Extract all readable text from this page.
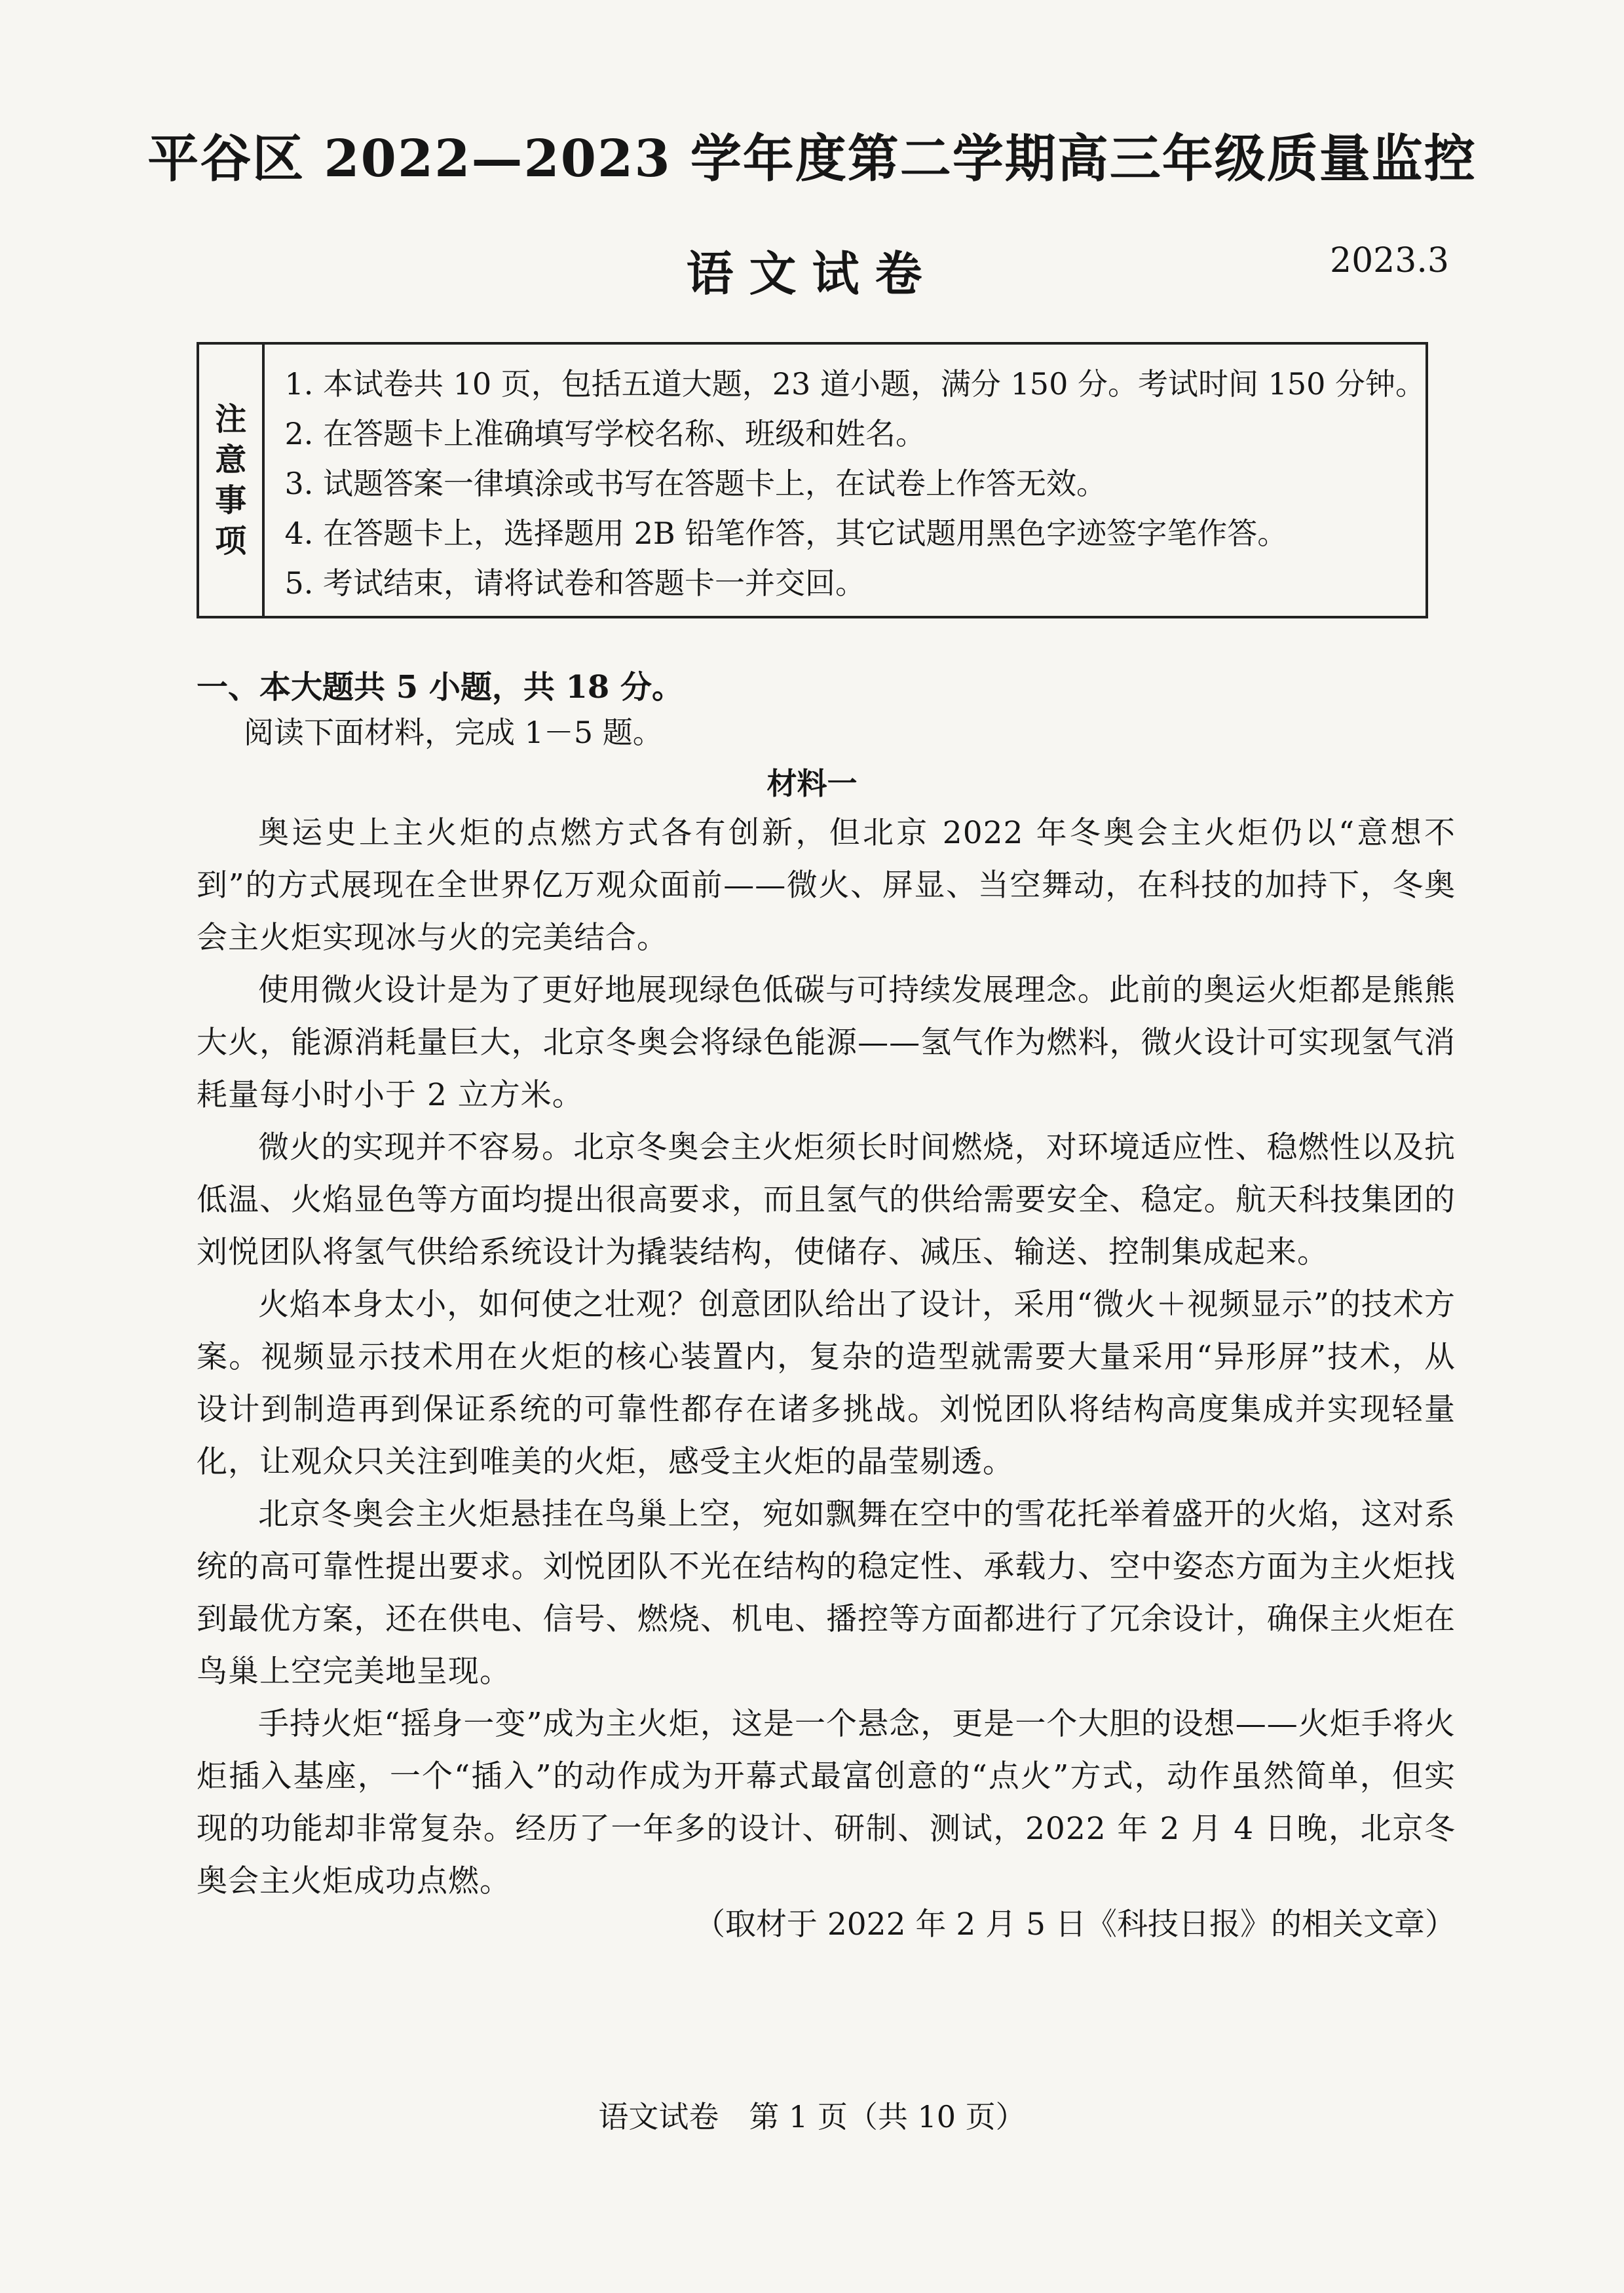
平谷区 2022—2023 学年度第二学期高三年级质量监控
语文试卷	2023.3
注
意
事
项
1. 本试卷共 10 页，包括五道大题，23 道小题，满分 150 分。考试时间 150 分钟。
2. 在答题卡上准确填写学校名称、班级和姓名。
3. 试题答案一律填涂或书写在答题卡上，在试卷上作答无效。
4. 在答题卡上，选择题用 2B 铅笔作答，其它试题用黑色字迹签字笔作答。
5. 考试结束，请将试卷和答题卡一并交回。
一、本大题共 5 小题，共 18 分。
阅读下面材料，完成 1－5 题。
材料一

奥运史上主火炬的点燃方式各有创新，但北京 2022 年冬奥会主火炬仍以“意想不到”的方式展现在全世界亿万观众面前——微火、屏显、当空舞动，在科技的加持下，冬奥会主火炬实现冰与火的完美结合。

使用微火设计是为了更好地展现绿色低碳与可持续发展理念。此前的奥运火炬都是熊熊大火，能源消耗量巨大，北京冬奥会将绿色能源——氢气作为燃料，微火设计可实现氢气消耗量每小时小于 2 立方米。

微火的实现并不容易。北京冬奥会主火炬须长时间燃烧，对环境适应性、稳燃性以及抗低温、火焰显色等方面均提出很高要求，而且氢气的供给需要安全、稳定。航天科技集团的刘悦团队将氢气供给系统设计为撬装结构，使储存、减压、输送、控制集成起来。

火焰本身太小，如何使之壮观？创意团队给出了设计，采用“微火＋视频显示”的技术方案。视频显示技术用在火炬的核心装置内，复杂的造型就需要大量采用“异形屏”技术，从设计到制造再到保证系统的可靠性都存在诸多挑战。刘悦团队将结构高度集成并实现轻量化，让观众只关注到唯美的火炬，感受主火炬的晶莹剔透。

北京冬奥会主火炬悬挂在鸟巢上空，宛如飘舞在空中的雪花托举着盛开的火焰，这对系统的高可靠性提出要求。刘悦团队不光在结构的稳定性、承载力、空中姿态方面为主火炬找到最优方案，还在供电、信号、燃烧、机电、播控等方面都进行了冗余设计，确保主火炬在鸟巢上空完美地呈现。

手持火炬“摇身一变”成为主火炬，这是一个悬念，更是一个大胆的设想——火炬手将火炬插入基座，一个“插入”的动作成为开幕式最富创意的“点火”方式，动作虽然简单，但实现的功能却非常复杂。经历了一年多的设计、研制、测试，2022 年 2 月 4 日晚，北京冬奥会主火炬成功点燃。

（取材于 2022 年 2 月 5 日《科技日报》的相关文章）
语文试卷　第 1 页（共 10 页）
